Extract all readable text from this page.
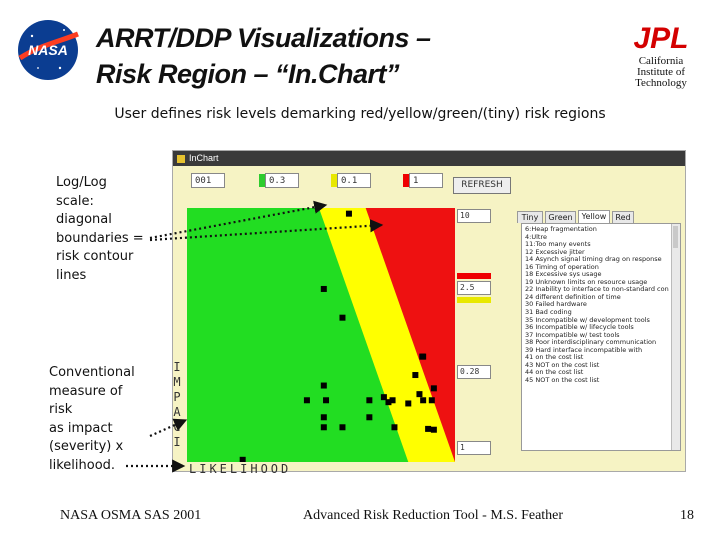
NASA ARRT/DDP Visualizations –
Risk Region – “In.Chart”
JPL
California
Institute of
Technology
User defines risk levels demarking red/yellow/green/(tiny) risk regions
InChart
001
0.3
0.1
1
REFRESH
10
2.5
0.28
1
Tiny	Green	Yellow	Red
6:Heap fragmentation
4:Ultre
11:Too many events
12 Excessive jitter
14 Asynch signal timing drag on response
16 Timing of operation
18 Excessive sys usage
19 Unknown limits on resource usage
22 Inability to interface to non-standard con
24 different definition of time
30 Failed hardware
31 Bad coding
35 Incompatible w/ development tools
36 Incompatible w/ lifecycle tools
37 Incompatible w/ test tools
38 Poor interdisciplinary communication
39 Hard interface incompatible with
41 on the cost list
43 NOT on the cost list
44 on the cost list
45 NOT on the cost list
I
M
P
A
C
I
LIKELIHOOD
Log/Log
scale:
diagonal
boundaries =
risk contour
lines
Conventional
measure of
risk
as impact
(severity) x
likelihood.
NASA OSMA SAS 2001	Advanced Risk Reduction Tool - M.S. Feather	18
